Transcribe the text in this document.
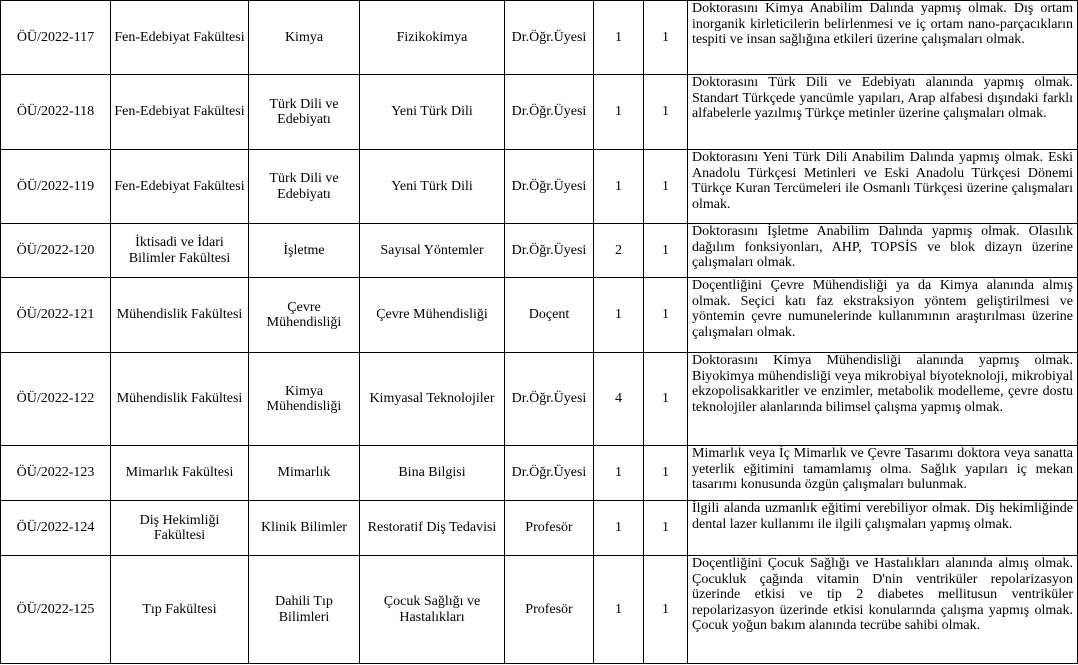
ÖÜ/2022-117	Fen-Edebiyat Fakültesi	Kimya	Fizikokimya	Dr.Öğr.Üyesi	1	1	Doktorasını Kimya Anabilim Dalında yapmış olmak. Dış ortam inorganik kirleticilerin belirlenmesi ve iç ortam nano-parçacıkların tespiti ve insan sağlığına etkileri üzerine çalışmaları olmak.
ÖÜ/2022-118	Fen-Edebiyat Fakültesi	Türk Dili ve Edebiyatı	Yeni Türk Dili	Dr.Öğr.Üyesi	1	1	Doktorasını Türk Dili ve Edebiyatı alanında yapmış olmak. Standart Türkçede yancümle yapıları, Arap alfabesi dışındaki farklı alfabelerle yazılmış Türkçe metinler üzerine çalışmaları olmak.
ÖÜ/2022-119	Fen-Edebiyat Fakültesi	Türk Dili ve Edebiyatı	Yeni Türk Dili	Dr.Öğr.Üyesi	1	1	Doktorasını Yeni Türk Dili Anabilim Dalında yapmış olmak. Eski Anadolu Türkçesi Metinleri ve Eski Anadolu Türkçesi Dönemi Türkçe Kuran Tercümeleri ile Osmanlı Türkçesi üzerine çalışmaları olmak.
ÖÜ/2022-120	İktisadi ve İdari Bilimler Fakültesi	İşletme	Sayısal Yöntemler	Dr.Öğr.Üyesi	2	1	Doktorasını İşletme Anabilim Dalında yapmış olmak. Olasılık dağılım fonksiyonları, AHP, TOPSİS ve blok dizayn üzerine çalışmaları olmak.
ÖÜ/2022-121	Mühendislik Fakültesi	Çevre Mühendisliği	Çevre Mühendisliği	Doçent	1	1	Doçentliğini Çevre Mühendisliği ya da Kimya alanında almış olmak. Seçici katı faz ekstraksiyon yöntem geliştirilmesi ve yöntemin çevre numunelerinde kullanımının araştırılması üzerine çalışmaları olmak.
ÖÜ/2022-122	Mühendislik Fakültesi	Kimya Mühendisliği	Kimyasal Teknolojiler	Dr.Öğr.Üyesi	4	1	Doktorasını Kimya Mühendisliği alanında yapmış olmak. Biyokimya mühendisliği veya mikrobiyal biyoteknoloji, mikrobiyal ekzopolisakkaritler ve enzimler, metabolik modelleme, çevre dostu teknolojiler alanlarında bilimsel çalışma yapmış olmak.
ÖÜ/2022-123	Mimarlık Fakültesi	Mimarlık	Bina Bilgisi	Dr.Öğr.Üyesi	1	1	Mimarlık veya İç Mimarlık ve Çevre Tasarımı doktora veya sanatta yeterlik eğitimini tamamlamış olma. Sağlık yapıları iç mekan tasarımı konusunda özgün çalışmaları bulunmak.
ÖÜ/2022-124	Diş Hekimliği Fakültesi	Klinik Bilimler	Restoratif Diş Tedavisi	Profesör	1	1	İlgili alanda uzmanlık eğitimi verebiliyor olmak. Diş hekimliğinde dental lazer kullanımı ile ilgili çalışmaları yapmış olmak.
ÖÜ/2022-125	Tıp Fakültesi	Dahili Tıp Bilimleri	Çocuk Sağlığı ve Hastalıkları	Profesör	1	1	Doçentliğini Çocuk Sağlığı ve Hastalıkları alanında almış olmak. Çocukluk çağında vitamin D'nin ventriküler repolarizasyon üzerinde etkisi ve tip 2 diabetes mellitusun ventriküler repolarizasyon üzerinde etkisi konularında çalışma yapmış olmak. Çocuk yoğun bakım alanında tecrübe sahibi olmak.
